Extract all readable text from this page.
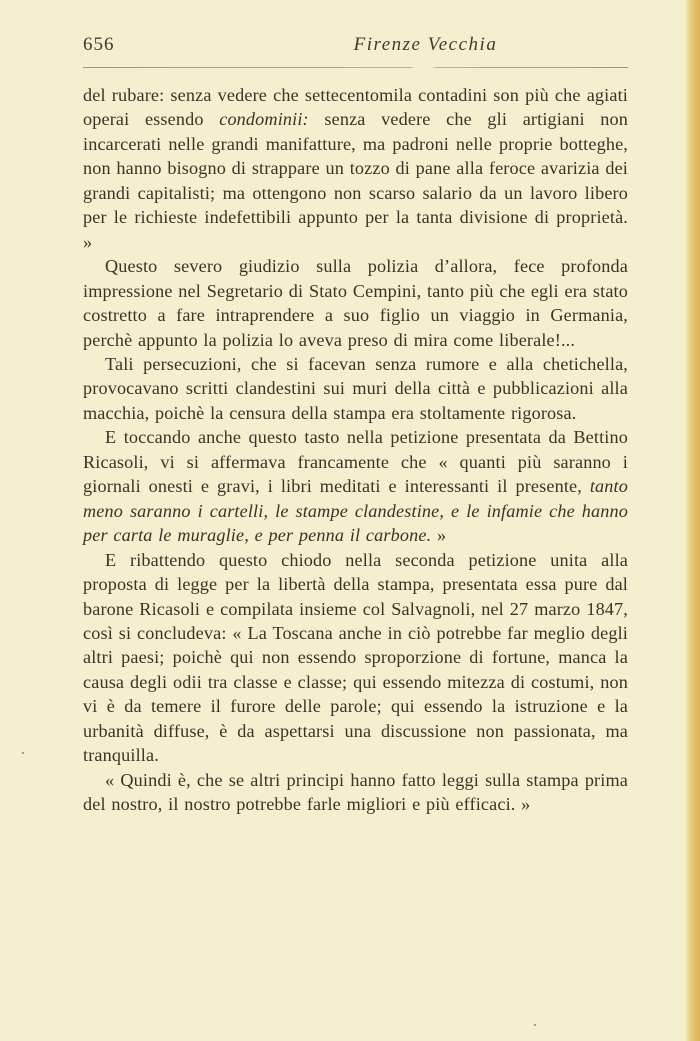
656	Firenze Vecchia

del rubare: senza vedere che settecentomila contadini son più che agiati operai essendo condominii: senza vedere che gli artigiani non incarcerati nelle grandi manifatture, ma padroni nelle proprie botteghe, non hanno bisogno di strappare un tozzo di pane alla feroce avarizia dei grandi capitalisti; ma ottengono non scarso salario da un lavoro libero per le richieste indefettibili appunto per la tanta divisione di proprietà. »

Questo severo giudizio sulla polizia d’allora, fece profonda impressione nel Segretario di Stato Cempini, tanto più che egli era stato costretto a fare intraprendere a suo figlio un viaggio in Germania, perchè appunto la polizia lo aveva preso di mira come liberale!...

Tali persecuzioni, che si facevan senza rumore e alla chetichella, provocavano scritti clandestini sui muri della città e pubblicazioni alla macchia, poichè la censura della stampa era stoltamente rigorosa.

E toccando anche questo tasto nella petizione presentata da Bettino Ricasoli, vi si affermava francamente che « quanti più saranno i giornali onesti e gravi, i libri meditati e interessanti il presente, tanto meno saranno i cartelli, le stampe clandestine, e le infamie che hanno per carta le muraglie, e per penna il carbone. »

E ribattendo questo chiodo nella seconda petizione unita alla proposta di legge per la libertà della stampa, presentata essa pure dal barone Ricasoli e compilata insieme col Salvagnoli, nel 27 marzo 1847, così si concludeva: « La Toscana anche in ciò potrebbe far meglio degli altri paesi; poichè qui non essendo sproporzione di fortune, manca la causa degli odii tra classe e classe; qui essendo mitezza di costumi, non vi è da temere il furore delle parole; qui essendo la istruzione e la urbanità diffuse, è da aspettarsi una discussione non passionata, ma tranquilla.

« Quindi è, che se altri principi hanno fatto leggi sulla stampa prima del nostro, il nostro potrebbe farle migliori e più efficaci. »
